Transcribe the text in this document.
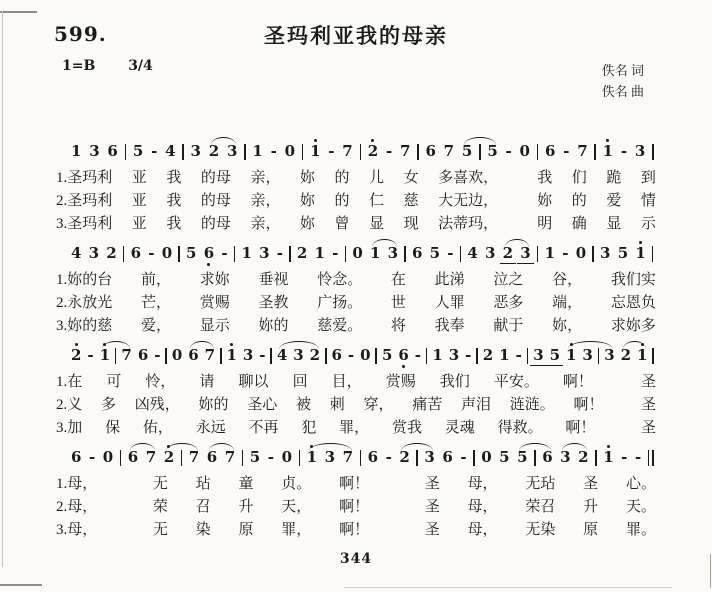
599.	圣玛利亚我的母亲
1=B 3/4	佚名 词
佚名 曲
1 3 6 5 - 4 3 2 3 1 - 0 1 - 7 2 - 7 6 7 5 5 - 0 6 - 7 1 - 3
1.圣玛利 亚 我 的母 亲， 妳 的 儿 女 多喜欢，	我 们 跪 到
2.圣玛利 亚 我 的母 亲， 妳 的 仁 慈 大无边，	妳 的 爱 情
3.圣玛利 亚 我 的母 亲， 妳 曾 显 现 法蒂玛，	明 确 显 示
4 3 2 6 - 0 5 6 - 1 3 - 2 1 - 0 1 3 6 5 - 4 3 2 3 1 - 0 3 5 1
1.妳的台 前， 求妳 垂视 怜念。 在 此涕 泣之 谷， 我们实
2.永放光 芒， 赏赐 圣教 广扬。 世 人罪 恶多 端， 忘恩负
3.妳的慈 爱， 显示 妳的 慈爱。 将 我奉 献于 妳， 求妳多
2 - 1 7 6 - 0 6 7 1 3 - 4 3 2 6 - 0 5 6 - 1 3 - 2 1 - 3 5 1 3 3 2 1
1.在 可 怜， 请 聊以 回 目， 赏赐 我们 平安。 啊！	圣
2.义 多 凶残， 妳的 圣心 被 刺 穿， 痛苦 声泪 涟涟。 啊！ 圣
3.加 保 佑， 永远 不再 犯 罪， 赏我 灵魂 得救。 啊！	圣
6 - 0 6 7 2 7 6 7 5 - 0 1 3 7 6 - 2 3 6 - 0 5 5 6 3 2 1 - -
1.母，	无 玷 童 贞。 啊！	圣 母， 无玷 圣 心。
2.母，	荣 召 升 天， 啊！	圣 母， 荣召 升 天。
3.母，	无 染 原 罪， 啊！	圣 母， 无染 原 罪。
344
